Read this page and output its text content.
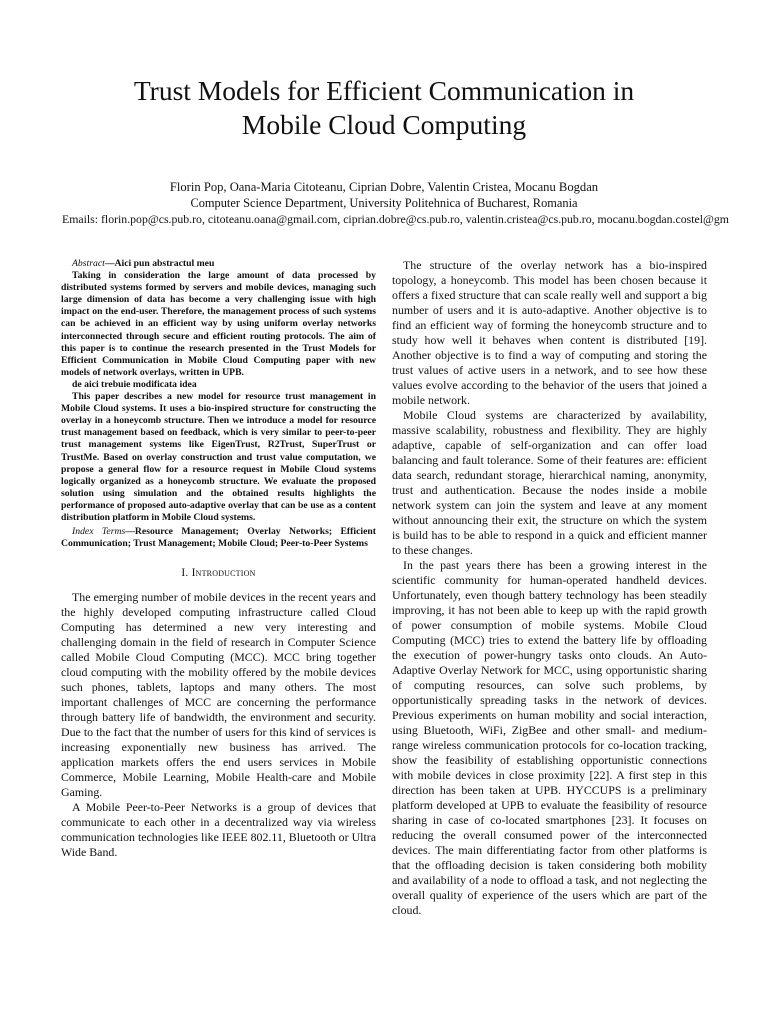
Trust Models for Efficient Communication in
Mobile Cloud Computing
Florin Pop, Oana-Maria Citoteanu, Ciprian Dobre, Valentin Cristea, Mocanu Bogdan
Computer Science Department, University Politehnica of Bucharest, Romania
Emails: florin.pop@cs.pub.ro, citoteanu.oana@gmail.com, ciprian.dobre@cs.pub.ro, valentin.cristea@cs.pub.ro, mocanu.bogdan.costel@gm

Abstract—Aici pun abstractul meu

Taking in consideration the large amount of data processed by distributed systems formed by servers and mobile devices, managing such large dimension of data has become a very challenging issue with high impact on the end-user. Therefore, the management process of such systems can be achieved in an efficient way by using uniform overlay networks interconnected through secure and efficient routing protocols. The aim of this paper is to continue the research presented in the Trust Models for Efficient Communication in Mobile Cloud Computing paper with new models of network overlays, written in UPB.

de aici trebuie modificata idea

This paper describes a new model for resource trust management in Mobile Cloud systems. It uses a bio-inspired structure for constructing the overlay in a honeycomb structure. Then we introduce a model for resource trust management based on feedback, which is very similar to peer-to-peer trust management systems like EigenTrust, R2Trust, SuperTrust or TrustMe. Based on overlay construction and trust value computation, we propose a general flow for a resource request in Mobile Cloud systems logically organized as a honeycomb structure. We evaluate the proposed solution using simulation and the obtained results highlights the performance of proposed auto-adaptive overlay that can be use as a content distribution platform in Mobile Cloud systems.

Index Terms—Resource Management; Overlay Networks; Efficient Communication; Trust Management; Mobile Cloud; Peer-to-Peer Systems

I. Introduction

The emerging number of mobile devices in the recent years and the highly developed computing infrastructure called Cloud Computing has determined a new very interesting and challenging domain in the field of research in Computer Science called Mobile Cloud Computing (MCC). MCC bring together cloud computing with the mobility offered by the mobile devices such phones, tablets, laptops and many others. The most important challenges of MCC are concerning the performance through battery life of bandwidth, the environment and security. Due to the fact that the number of users for this kind of services is increasing exponentially new business has arrived. The application markets offers the end users services in Mobile Commerce, Mobile Learning, Mobile Health-care and Mobile Gaming.

A Mobile Peer-to-Peer Networks is a group of devices that communicate to each other in a decentralized way via wireless communication technologies like IEEE 802.11, Bluetooth or Ultra Wide Band.

The structure of the overlay network has a bio-inspired topology, a honeycomb. This model has been chosen because it offers a fixed structure that can scale really well and support a big number of users and it is auto-adaptive. Another objective is to find an efficient way of forming the honeycomb structure and to study how well it behaves when content is distributed [19]. Another objective is to find a way of computing and storing the trust values of active users in a network, and to see how these values evolve according to the behavior of the users that joined a mobile network.

Mobile Cloud systems are characterized by availability, massive scalability, robustness and flexibility. They are highly adaptive, capable of self-organization and can offer load balancing and fault tolerance. Some of their features are: efficient data search, redundant storage, hierarchical naming, anonymity, trust and authentication. Because the nodes inside a mobile network system can join the system and leave at any moment without announcing their exit, the structure on which the system is build has to be able to respond in a quick and efficient manner to these changes.

In the past years there has been a growing interest in the scientific community for human-operated handheld devices. Unfortunately, even though battery technology has been steadily improving, it has not been able to keep up with the rapid growth of power consumption of mobile systems. Mobile Cloud Computing (MCC) tries to extend the battery life by offloading the execution of power-hungry tasks onto clouds. An Auto-Adaptive Overlay Network for MCC, using opportunistic sharing of computing resources, can solve such problems, by opportunistically spreading tasks in the network of devices. Previous experiments on human mobility and social interaction, using Bluetooth, WiFi, ZigBee and other small- and medium-range wireless communication protocols for co-location tracking, show the feasibility of establishing opportunistic connections with mobile devices in close proximity [22]. A first step in this direction has been taken at UPB. HYCCUPS is a preliminary platform developed at UPB to evaluate the feasibility of resource sharing in case of co-located smartphones [23]. It focuses on reducing the overall consumed power of the interconnected devices. The main differentiating factor from other platforms is that the offloading decision is taken considering both mobility and availability of a node to offload a task, and not neglecting the overall quality of experience of the users which are part of the cloud.
